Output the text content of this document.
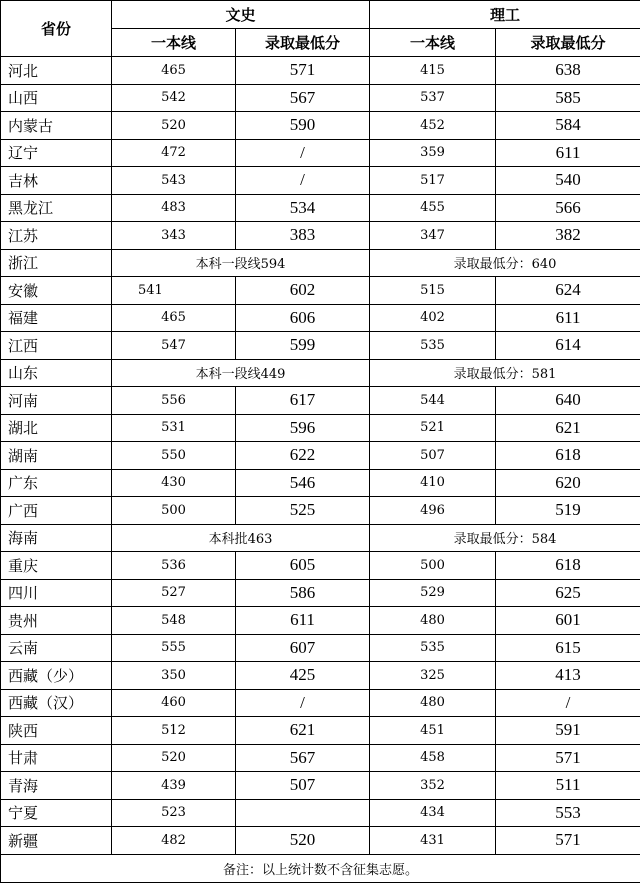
省份	文史		理工	
	一本线	录取最低分	一本线	录取最低分
河北	465	571	415	638
山西	542	567	537	585
内蒙古	520	590	452	584
辽宁	472	/	359	611
吉林	543	/	517	540
黑龙江	483	534	455	566
江苏	343	383	347	382
浙江	本科一段线594		录取最低分：640	
安徽	541	602	515	624
福建	465	606	402	611
江西	547	599	535	614
山东	本科一段线449		录取最低分：581	
河南	556	617	544	640
湖北	531	596	521	621
湖南	550	622	507	618
广东	430	546	410	620
广西	500	525	496	519
海南	本科批463		录取最低分：584	
重庆	536	605	500	618
四川	527	586	529	625
贵州	548	611	480	601
云南	555	607	535	615
西藏（少）	350	425	325	413
西藏（汉）	460	/	480	/
陕西	512	621	451	591
甘肃	520	567	458	571
青海	439	507	352	511
宁夏	523		434	553
新疆	482	520	431	571
备注：以上统计数不含征集志愿。				
